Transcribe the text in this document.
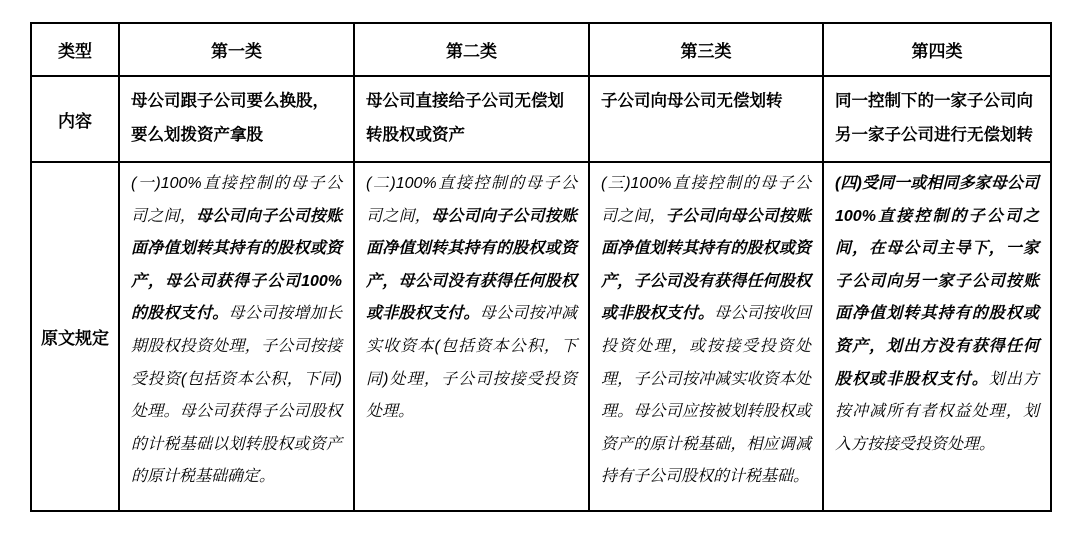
类型	第一类	第二类	第三类	第四类
内容	母公司跟子公司要么换股，要么划拨资产拿股	母公司直接给子公司无偿划转股权或资产	子公司向母公司无偿划转	同一控制下的一家子公司向另一家子公司进行无偿划转
原文规定	(一)100%直接控制的母子公司之间，母公司向子公司按账面净值划转其持有的股权或资产，母公司获得子公司100%的股权支付。母公司按增加长期股权投资处理，子公司按接受投资(包括资本公积，下同)处理。母公司获得子公司股权的计税基础以划转股权或资产的原计税基础确定。	(二)100%直接控制的母子公司之间，母公司向子公司按账面净值划转其持有的股权或资产，母公司没有获得任何股权或非股权支付。母公司按冲减实收资本(包括资本公积，下同)处理，子公司按接受投资处理。	(三)100%直接控制的母子公司之间，子公司向母公司按账面净值划转其持有的股权或资产，子公司没有获得任何股权或非股权支付。母公司按收回投资处理，或按接受投资处理，子公司按冲减实收资本处理。母公司应按被划转股权或资产的原计税基础，相应调减持有子公司股权的计税基础。	(四)受同一或相同多家母公司100%直接控制的子公司之间，在母公司主导下，一家子公司向另一家子公司按账面净值划转其持有的股权或资产，划出方没有获得任何股权或非股权支付。划出方按冲减所有者权益处理，划入方按接受投资处理。
